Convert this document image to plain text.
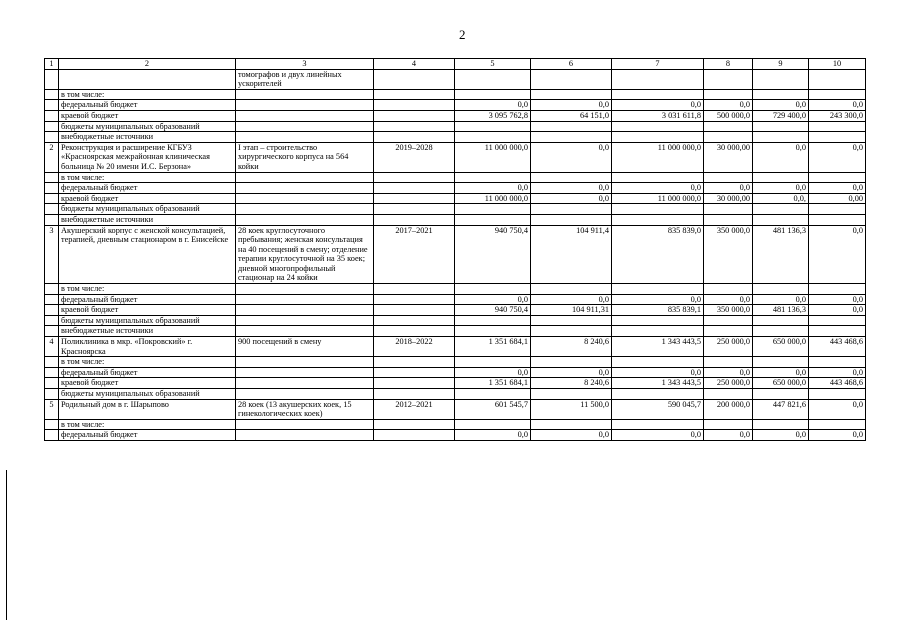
2
1	2	3	4	5	6	7	8	9	10
		томографов и двух линейных ускорителей							
	в том числе:								
	федеральный бюджет			0,0	0,0	0,0	0,0	0,0	0,0
	краевой бюджет			3 095 762,8	64 151,0	3 031 611,8	500 000,0	729 400,0	243 300,0
	бюджеты муниципальных образований								
	внебюджетные источники								
2	Реконструкция и расширение КГБУЗ «Красноярская межрайонная клиническая больница № 20 имени И.С. Берзона»	I этап – строительство хирургического корпуса на 564 койки	2019–2028	11 000 000,0	0,0	11 000 000,0	30 000,00	0,0	0,0
	в том числе:								
	федеральный бюджет			0,0	0,0	0,0	0,0	0,0	0,0
	краевой бюджет			11 000 000,0	0,0	11 000 000,0	30 000,00	0,0,	0,00
	бюджеты муниципальных образований								
	внебюджетные источники								
3	Акушерский корпус с женской консультацией, терапией, дневным стационаром в г. Енисейске	28 коек круглосуточного пребывания; женская консультация на 40 посещений в смену; отделение терапии круглосуточной на 35 коек; дневной многопрофильный стационар на 24 койки	2017–2021	940 750,4	104 911,4	835 839,0	350 000,0	481 136,3	0,0
	в том числе:								
	федеральный бюджет			0,0	0,0	0,0	0,0	0,0	0,0
	краевой бюджет			940 750,4	104 911,31	835 839,1	350 000,0	481 136,3	0,0
	бюджеты муниципальных образований								
	внебюджетные источники								
4	Поликлиника в мкр. «Покровский» г. Красноярска	900 посещений в смену	2018–2022	1 351 684,1	8 240,6	1 343 443,5	250 000,0	650 000,0	443 468,6
	в том числе:								
	федеральный бюджет			0,0	0,0	0,0	0,0	0,0	0,0
	краевой бюджет			1 351 684,1	8 240,6	1 343 443,5	250 000,0	650 000,0	443 468,6
	бюджеты муниципальных образований								
5	Родильный дом в г. Шарыпово	28 коек (13 акушерских коек, 15 гинекологических коек)	2012–2021	601 545,7	11 500,0	590 045,7	200 000,0	447 821,6	0,0
	в том числе:								
	федеральный бюджет			0,0	0,0	0,0	0,0	0,0	0,0
